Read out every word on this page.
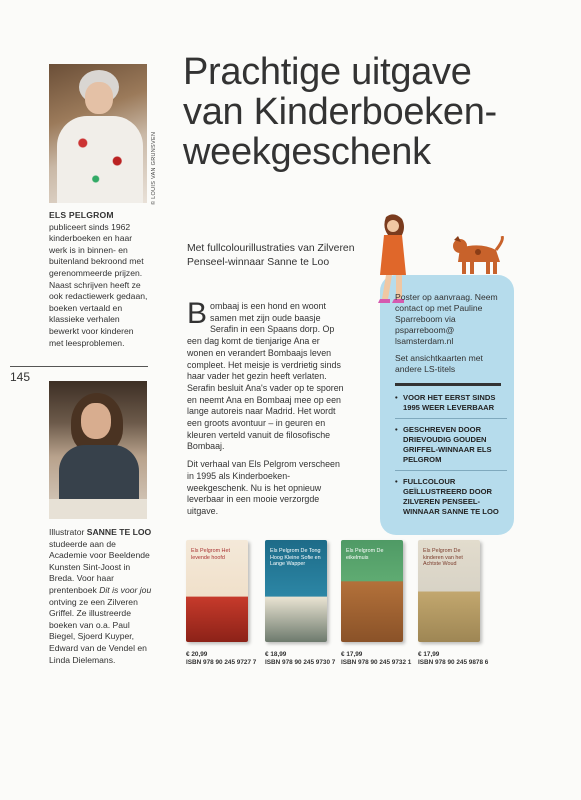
© LOUIS VAN GRUNSVEN
ELS PELGROM
publiceert sinds 1962 kinderboeken en haar werk is in binnen- en buitenland bekroond met gerenommeerde prijzen. Naast schrijven heeft ze ook redactiewerk gedaan, boeken vertaald en klassieke verhalen bewerkt voor kinderen met leesproblemen.
145
Illustrator SANNE TE LOO studeerde aan de Academie voor Beeldende Kunsten Sint-Joost in Breda. Voor haar prentenboek Dit is voor jou ontving ze een Zilveren Griffel. Ze illustreerde boeken van o.a. Paul Biegel, Sjoerd Kuyper, Edward van de Vendel en Linda Dielemans.
Prachtige uitgave van Kinderboeken-weekgeschenk
Met fullcolourillustraties van Zilveren Penseel-winnaar Sanne te Loo

Bombaaj is een hond en woont samen met zijn oude baasje Serafin in een Spaans dorp. Op een dag komt de tienjarige Ana er wonen en verandert Bombaajs leven compleet. Het meisje is verdrietig sinds haar vader het gezin heeft verlaten. Serafin besluit Ana's vader op te sporen en neemt Ana en Bombaaj mee op een lange autoreis naar Madrid. Het wordt een groots avontuur – in geuren en kleuren verteld vanuit de filosofische Bombaaj.

Dit verhaal van Els Pelgrom verscheen in 1995 als Kinderboeken-weekgeschenk. Nu is het opnieuw leverbaar in een mooie verzorgde uitgave.

Poster op aanvraag. Neem contact op met Pauline Sparreboom via psparreboom@ lsamsterdam.nl
Set ansichtkaarten met andere LS-titels
• VOOR HET EERST SINDS 1995 WEER LEVERBAAR
• GESCHREVEN DOOR DRIEVOUDIG GOUDEN GRIFFEL-WINNAAR ELS PELGROM
• FULLCOLOUR GEÏLLUSTREERD DOOR ZILVEREN PENSEEL-WINNAAR SANNE TE LOO
Els Pelgrom Het levende hoofd
Els Pelgrom De Tong Hoog Kleine Sofie en Lange Wapper
Els Pelgrom De eikelmuis
Els Pelgrom De kinderen van het Achtste Woud
€ 20,99
ISBN 978 90 245 9727 7
€ 18,99
ISBN 978 90 245 9730 7
€ 17,99
ISBN 978 90 245 9732 1
€ 17,99
ISBN 978 90 245 9878 6
